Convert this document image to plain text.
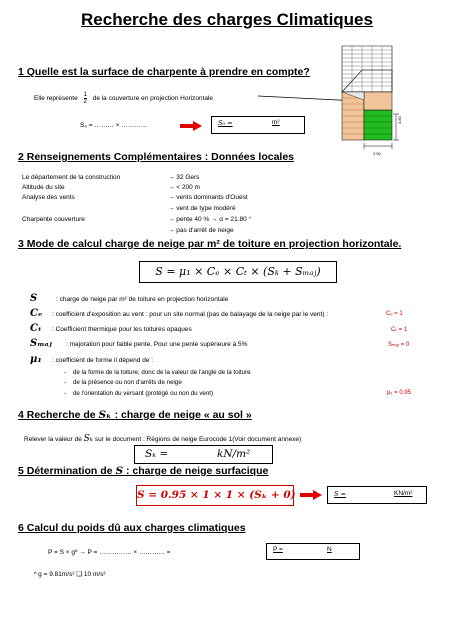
Recherche des charges Climatiques
1 Quelle est la surface de charpente à prendre en compte?
Elle représente $\frac{1}{2}$ de la couverture en projection Horizontale
S₀ = ……… × …………	S₀ =	m²	4.80
2.50
2 Renseignements Complémentaires : Données locales
Le département de la construction	→ 32 Gers
Altitude du site	→ < 200 m
Analyse des vents	→ vents dominants d'Ouest
→ vent de type modéré
Charpente couverture	→ pente 40 % → α = 21.80 °
→ pas d'arrêt de neige
3 Mode de calcul charge de neige par m² de toiture en projection horizontale.
S = μ₁ × Cₑ × Cₜ × (Sₖ + Sₘₐⱼ)
S	: charge de neige par m² de toiture en projection horizontale
Cₑ : coefficient d'exposition au vent : pour un site normal (pas de balayage de la neige par le vent) :	Cₑ = 1
Cₜ : Coefficient thermique pour les toitures opaques	Cₜ = 1
Sₘₐⱼ : majoration pour faible pente. Pour une pente supérieure à 5%	Sₘₐⱼ = 0
μ₁ : coefficient de forme il dépend de :
-    de la forme de la toiture, donc de la valeur de l'angle de la toiture
-    de la présence ou non d'arrêts de neige
-    de l'orientation du versant (protégé ou non du vent)	μ₁ = 0.95
4 Recherche de Sₖ : charge de neige « au sol »
Relever la valeur de Sₖ sur le document : Régions de neige Eurocode 1(Voir document annexe)
Sₖ =	kN/m²
5 Détermination de S : charge de neige surfacique
S = 0.95 × 1 × 1 × (Sₖ + 0)	S =	KN/m²
6 Calcul du poids dû aux charges climatiques
P = S × gº → P = …………… × ………… =	P =	N
º g = 9.81m/s² ❑ 10 m/s²
